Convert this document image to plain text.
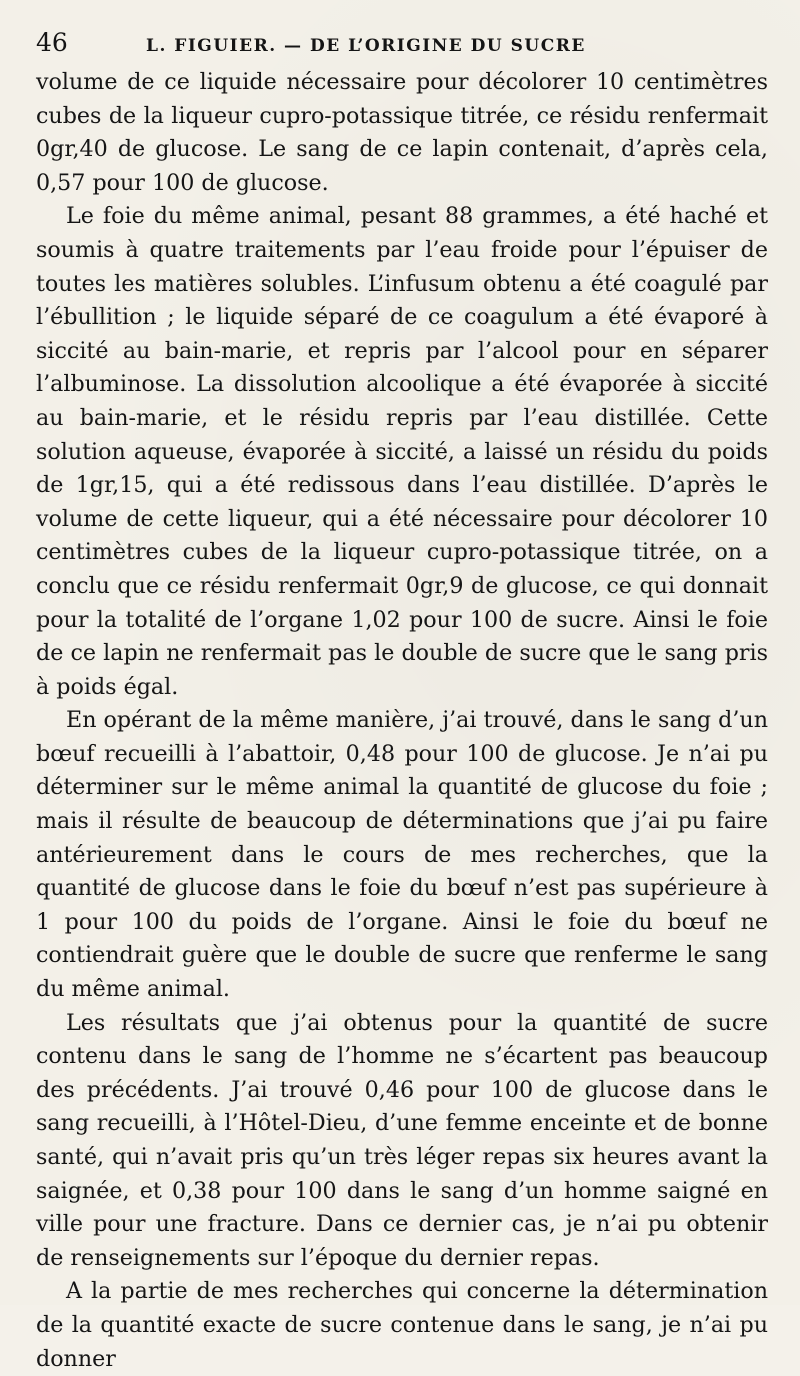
46	L. FIGUIER. — DE L’ORIGINE DU SUCRE

volume de ce liquide nécessaire pour décolorer 10 centimètres cubes de la liqueur cupro-potassique titrée, ce résidu renfermait 0gr,40 de glucose. Le sang de ce lapin contenait, d’après cela, 0,57 pour 100 de glucose.

Le foie du même animal, pesant 88 grammes, a été haché et soumis à quatre traitements par l’eau froide pour l’épuiser de toutes les matières solubles. L’infusum obtenu a été coagulé par l’ébullition ; le liquide séparé de ce coagulum a été évaporé à siccité au bain-marie, et repris par l’alcool pour en séparer l’albuminose. La dissolution alcoolique a été évaporée à siccité au bain-marie, et le résidu repris par l’eau distillée. Cette solution aqueuse, évaporée à siccité, a laissé un résidu du poids de 1gr,15, qui a été redissous dans l’eau distillée. D’après le volume de cette liqueur, qui a été nécessaire pour décolorer 10 centimètres cubes de la liqueur cupro-potassique titrée, on a conclu que ce résidu renfermait 0gr,9 de glucose, ce qui donnait pour la totalité de l’organe 1,02 pour 100 de sucre. Ainsi le foie de ce lapin ne renfermait pas le double de sucre que le sang pris à poids égal.

En opérant de la même manière, j’ai trouvé, dans le sang d’un bœuf recueilli à l’abattoir, 0,48 pour 100 de glucose. Je n’ai pu déterminer sur le même animal la quantité de glucose du foie ; mais il résulte de beaucoup de déterminations que j’ai pu faire antérieurement dans le cours de mes recherches, que la quantité de glucose dans le foie du bœuf n’est pas supérieure à 1 pour 100 du poids de l’organe. Ainsi le foie du bœuf ne contiendrait guère que le double de sucre que renferme le sang du même animal.

Les résultats que j’ai obtenus pour la quantité de sucre contenu dans le sang de l’homme ne s’écartent pas beaucoup des précédents. J’ai trouvé 0,46 pour 100 de glucose dans le sang recueilli, à l’Hôtel-Dieu, d’une femme enceinte et de bonne santé, qui n’avait pris qu’un très léger repas six heures avant la saignée, et 0,38 pour 100 dans le sang d’un homme saigné en ville pour une fracture. Dans ce dernier cas, je n’ai pu obtenir de renseignements sur l’époque du dernier repas.

A la partie de mes recherches qui concerne la détermination de la quantité exacte de sucre contenue dans le sang, je n’ai pu donner
